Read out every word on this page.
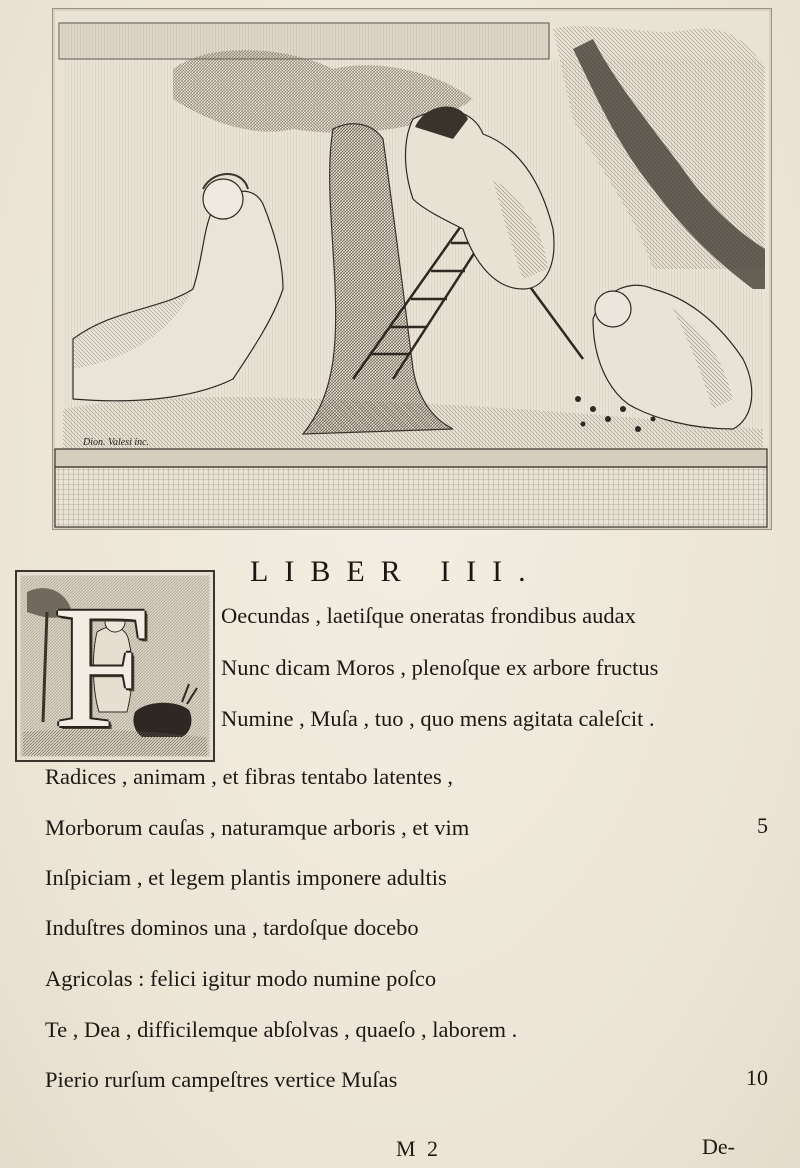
Dion. Valesi inc.
LIBER III.
F	Oecundas , laetiſque oneratas frondibus audax
Nunc dicam Moros , plenoſque ex arbore fructus
Numine , Muſa , tuo , quo mens agitata caleſcit .
Radices , animam , et fibras tentabo latentes ,
Morborum cauſas , naturamque arboris , et vim	5
Inſpiciam , et legem plantis imponere adultis
Induſtres dominos una , tardoſque docebo
Agricolas : felici igitur modo numine poſco
Te , Dea , difficilemque abſolvas , quaeſo , laborem .
Pierio rurſum campeſtres vertice Muſas	10
M 2	De-
